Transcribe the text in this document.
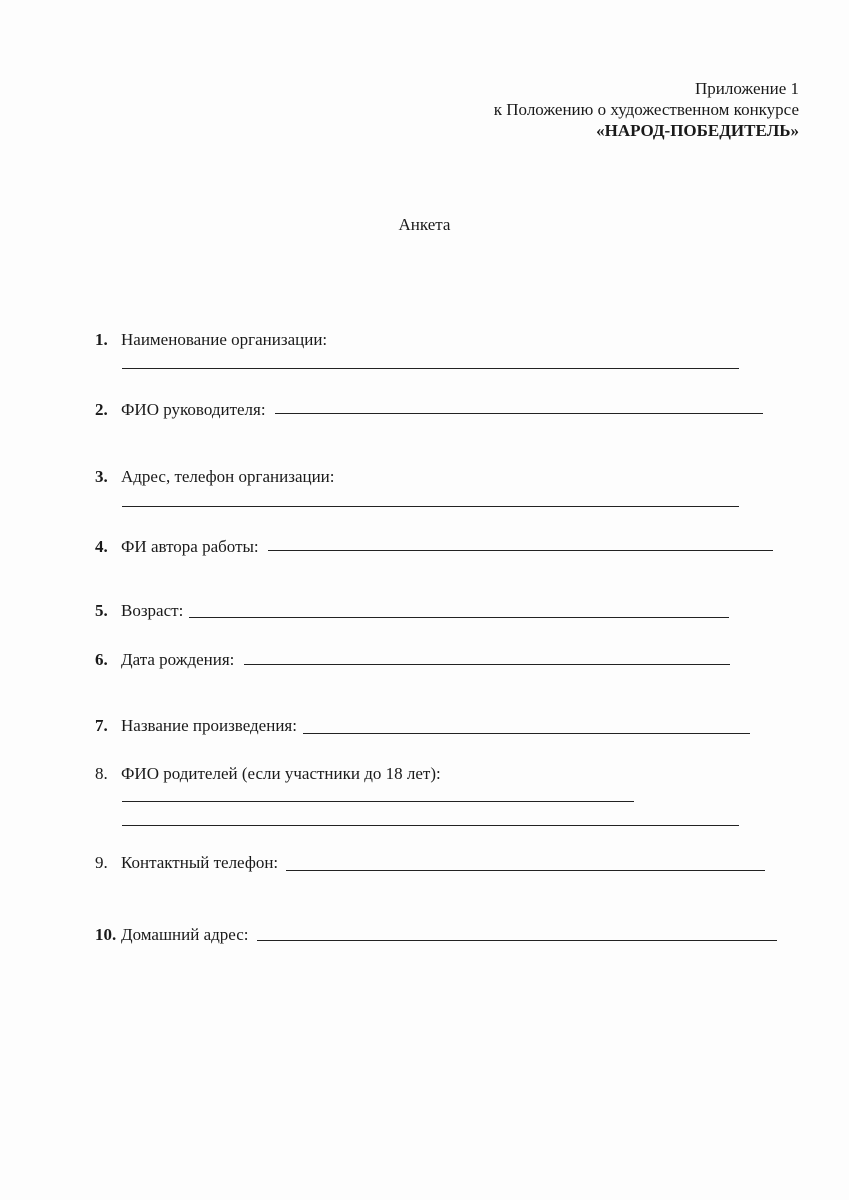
Приложение 1
к Положению о художественном конкурсе
«НАРОД-ПОБЕДИТЕЛЬ»
Анкета
1. Наименование организации:
2. ФИО руководителя:
3. Адрес, телефон организации:
4. ФИ автора работы:
5. Возраст:
6. Дата рождения:
7. Название произведения:
8. ФИО родителей (если участники до 18 лет):
9. Контактный телефон:
10. Домашний адрес:
